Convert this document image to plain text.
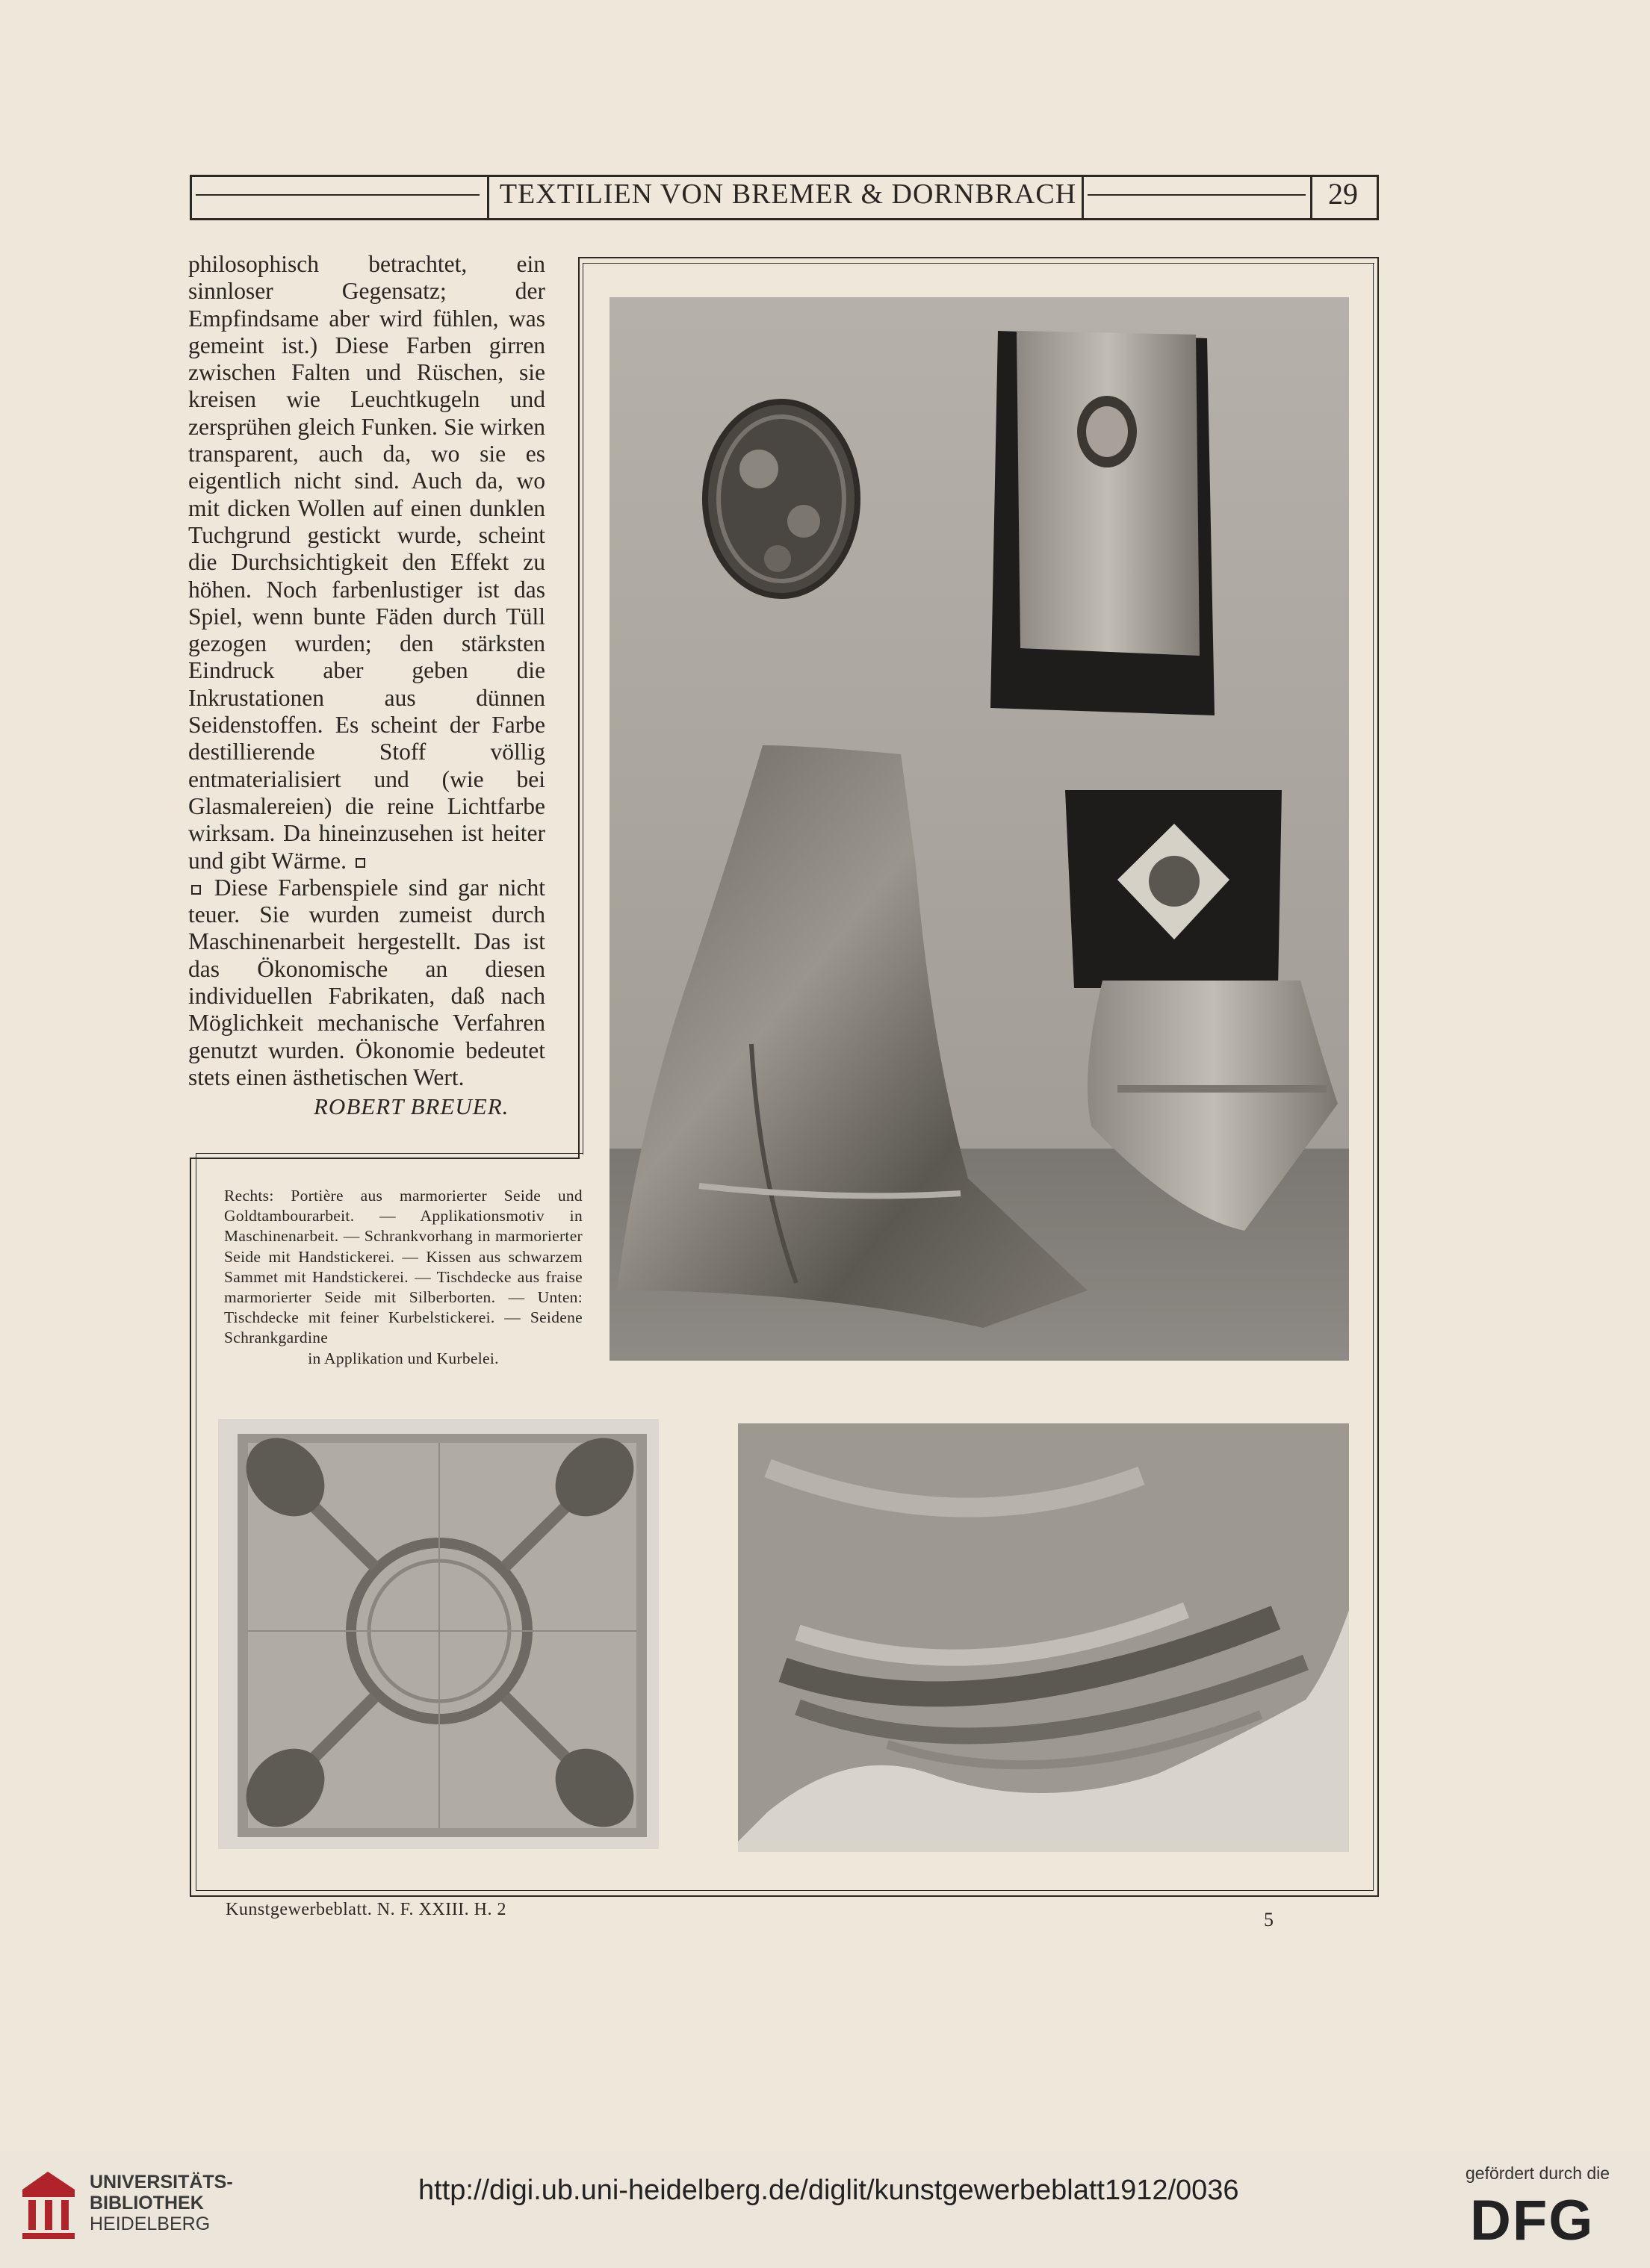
TEXTILIEN VON BREMER & DORNBRACH	29

philosophisch betrachtet, ein sinnloser Gegensatz; der Empfindsame aber wird fühlen, was gemeint ist.) Diese Farben girren zwischen Falten und Rüschen, sie kreisen wie Leuchtkugeln und zersprühen gleich Funken. Sie wirken transparent, auch da, wo sie es eigentlich nicht sind. Auch da, wo mit dicken Wollen auf einen dunklen Tuchgrund gestickt wurde, scheint die Durchsichtigkeit den Effekt zu höhen. Noch farbenlustiger ist das Spiel, wenn bunte Fäden durch Tüll gezogen wurden; den stärksten Eindruck aber geben die Inkrustationen aus dünnen Seidenstoffen. Es scheint der Farbe destillierende Stoff völlig entmaterialisiert und (wie bei Glasmalereien) die reine Lichtfarbe wirksam. Da hineinzusehen ist heiter und gibt Wärme.

Diese Farbenspiele sind gar nicht teuer. Sie wurden zumeist durch Maschinenarbeit hergestellt. Das ist das Ökonomische an diesen individuellen Fabrikaten, daß nach Möglichkeit mechanische Verfahren genutzt wurden. Ökonomie bedeutet stets einen ästhetischen Wert.

ROBERT BREUER.
Rechts: Portière aus marmorierter Seide und Goldtambourarbeit. — Applikationsmotiv in Maschinenarbeit. — Schrankvorhang in marmorierter Seide mit Handstickerei. — Kissen aus schwarzem Sammet mit Handstickerei. — Tischdecke aus fraise marmorierter Seide mit Silberborten. — Unten: Tischdecke mit feiner Kurbelstickerei. — Seidene Schrankgardine
in Applikation und Kurbelei.
Kunstgewerbeblatt. N. F. XXIII. H. 2	5
UNIVERSITÄTS-
BIBLIOTHEK
HEIDELBERG
http://digi.ub.uni-heidelberg.de/diglit/kunstgewerbeblatt1912/0036
gefördert durch die
DFG
